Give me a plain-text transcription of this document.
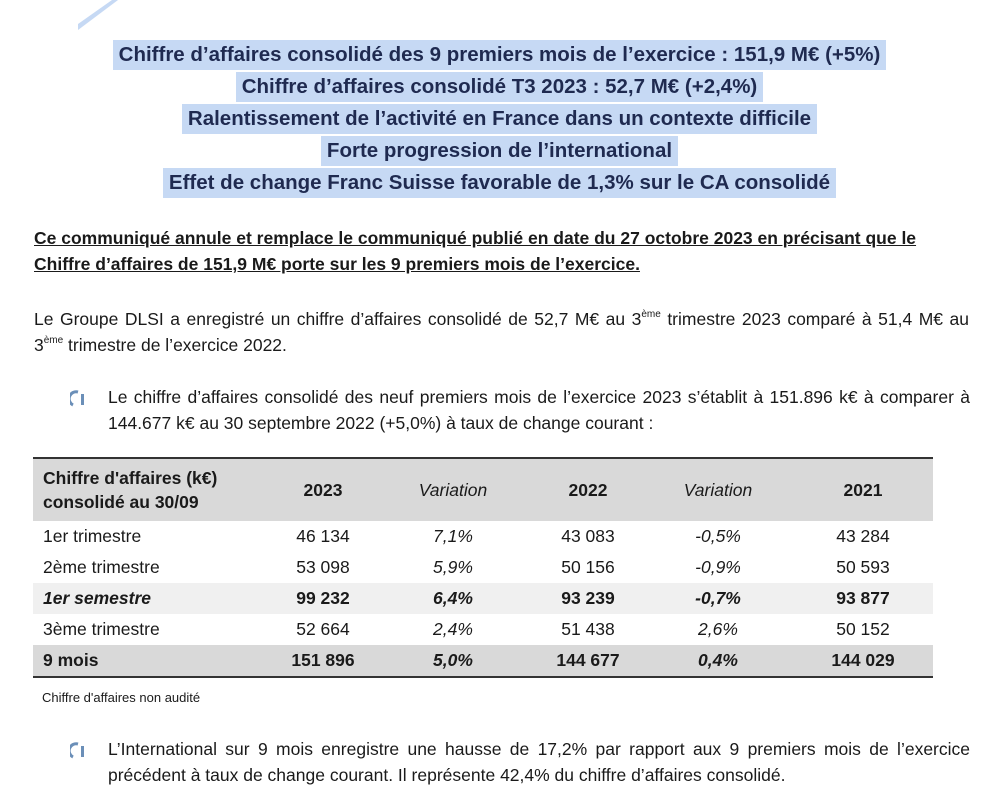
Chiffre d’affaires consolidé des 9 premiers mois de l’exercice : 151,9 M€ (+5%)
Chiffre d’affaires consolidé T3 2023 : 52,7 M€ (+2,4%)
Ralentissement de l’activité en France dans un contexte difficile
Forte progression de l’international
Effet de change Franc Suisse favorable de 1,3% sur le CA consolidé
Ce communiqué annule et remplace le communiqué publié en date du 27 octobre 2023 en précisant que le Chiffre d’affaires de 151,9 M€ porte sur les 9 premiers mois de l’exercice.
Le Groupe DLSI a enregistré un chiffre d’affaires consolidé de 52,7 M€ au 3ème trimestre 2023 comparé à 51,4 M€ au 3ème trimestre de l’exercice 2022.
Le chiffre d’affaires consolidé des neuf premiers mois de l’exercice 2023 s’établit à 151.896 k€ à comparer à 144.677 k€ au 30 septembre 2022 (+5,0%) à taux de change courant :
Chiffre d'affaires (k€) consolidé au 30/09	2023	Variation	2022	Variation	2021
1er trimestre	46 134	7,1%	43 083	-0,5%	43 284
2ème trimestre	53 098	5,9%	50 156	-0,9%	50 593
1er semestre	99 232	6,4%	93 239	-0,7%	93 877
3ème trimestre	52 664	2,4%	51 438	2,6%	50 152
9 mois	151 896	5,0%	144 677	0,4%	144 029
Chiffre d'affaires non audité
L’International sur 9 mois enregistre une hausse de 17,2% par rapport aux 9 premiers mois de l’exercice précédent à taux de change courant. Il représente 42,4% du chiffre d’affaires consolidé.
